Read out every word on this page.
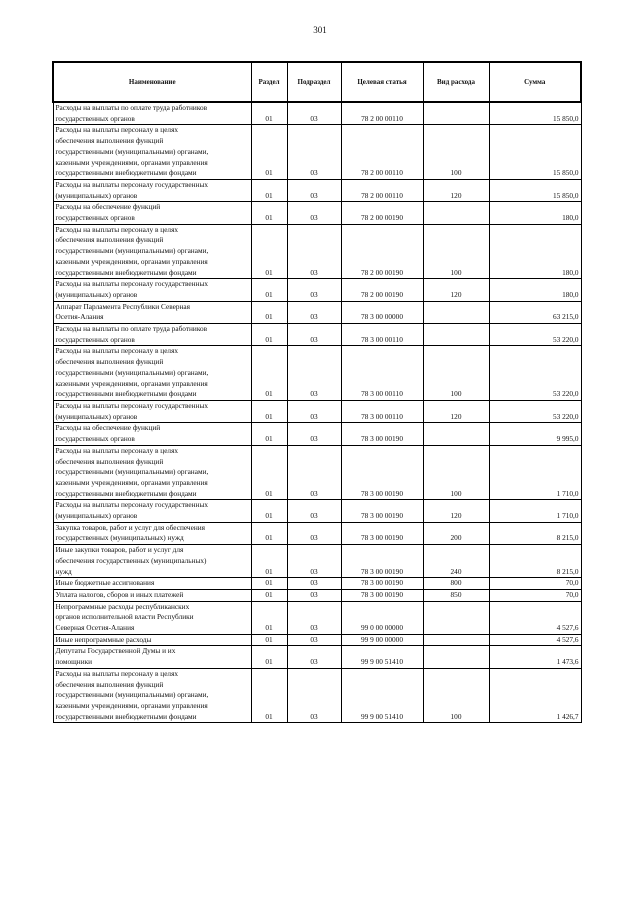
301
Наименование	Раздел	Подраздел	Целевая статья	Вид расхода	Сумма
Расходы на выплаты по оплате труда работников
государственных органов	01	03	78 2 00 00110		15 850,0
Расходы на выплаты персоналу в целях
обеспечения выполнения функций
государственными (муниципальными) органами,
казенными учреждениями, органами управления
государственными внебюджетными фондами	01	03	78 2 00 00110	100	15 850,0
Расходы на выплаты персоналу государственных
(муниципальных) органов	01	03	78 2 00 00110	120	15 850,0
Расходы на обеспечение функций
государственных органов	01	03	78 2 00 00190		180,0
Расходы на выплаты персоналу в целях
обеспечения выполнения функций
государственными (муниципальными) органами,
казенными учреждениями, органами управления
государственными внебюджетными фондами	01	03	78 2 00 00190	100	180,0
Расходы на выплаты персоналу государственных
(муниципальных) органов	01	03	78 2 00 00190	120	180,0
Аппарат Парламента Республики Северная
Осетия-Алания	01	03	78 3 00 00000		63 215,0
Расходы на выплаты по оплате труда работников
государственных органов	01	03	78 3 00 00110		53 220,0
Расходы на выплаты персоналу в целях
обеспечения выполнения функций
государственными (муниципальными) органами,
казенными учреждениями, органами управления
государственными внебюджетными фондами	01	03	78 3 00 00110	100	53 220,0
Расходы на выплаты персоналу государственных
(муниципальных) органов	01	03	78 3 00 00110	120	53 220,0
Расходы на обеспечение функций
государственных органов	01	03	78 3 00 00190		9 995,0
Расходы на выплаты персоналу в целях
обеспечения выполнения функций
государственными (муниципальными) органами,
казенными учреждениями, органами управления
государственными внебюджетными фондами	01	03	78 3 00 00190	100	1 710,0
Расходы на выплаты персоналу государственных
(муниципальных) органов	01	03	78 3 00 00190	120	1 710,0
Закупка товаров, работ и услуг для обеспечения
государственных (муниципальных) нужд	01	03	78 3 00 00190	200	8 215,0
Иные закупки товаров, работ и услуг для
обеспечения государственных (муниципальных)
нужд	01	03	78 3 00 00190	240	8 215,0
Иные бюджетные ассигнования	01	03	78 3 00 00190	800	70,0
Уплата налогов, сборов и иных платежей	01	03	78 3 00 00190	850	70,0
Непрограммные расходы республиканских
органов исполнительной власти Республики
Северная Осетия-Алания	01	03	99 0 00 00000		4 527,6
Иные непрограммные расходы	01	03	99 9 00 00000		4 527,6
Депутаты Государственной Думы и их
помощники	01	03	99 9 00 51410		1 473,6
Расходы на выплаты персоналу в целях
обеспечения выполнения функций
государственными (муниципальными) органами,
казенными учреждениями, органами управления
государственными внебюджетными фондами	01	03	99 9 00 51410	100	1 426,7
